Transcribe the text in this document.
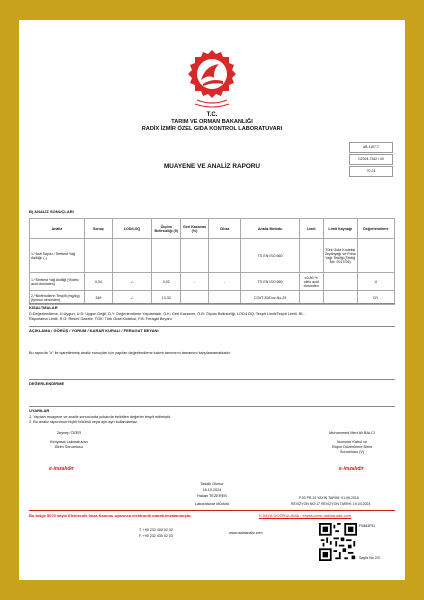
T.C.
TARIM VE ORMAN BAKANLIĞI
RADİX İZMİR ÖZEL GIDA KONTROL LABORATUVARI
MUAYENE VE ANALİZ RAPORU
AB-1197-T
G2024-7342 / 00
70-24
B) ANALİZ SONUÇLARI
Analiz	Sonuç	LOD/LOQ	Ölçüm Belirsizliği (0)	Geri Kazanım (%)	Cihaz	Analiz Metodu	Limit	Limit Kaynağı	Değerlendirme
1-*Asit Sayısı / Serbest Yağ Asitliği: (-)						TS EN ISO 660		Türk Gıda Kodeksi Zeytinyağı ve Prina Yağı Tebliği (Tebliğ No: 2017/26)	
1-*Serbest Yağ Asitliği (%oleic acid cinsinden)	0,34	-/-	0,02	-	-	TS EN ISO 660	≤0,80 % oleic acid cinsinden		U
2-*Biofenollerin Tespiti (mg/kg) (tyrosol cinsinden)	349	-/-	13,33			COI/T.20/Doc.No.29			DY
KISALTMALAR
D:Değerlendirme, U:Uygun, U.D: Uygun Değil, D.Y: Değerlendirme Yapılamadı, G.K: Geri Kazanım, Ö.B: Ölçüm Belirsizliği, LOD/LOQ: Tespit Limiti/Tespit Limiti. RL:
Raporlama Limiti, R.G: Resmî Gazete, TGK: Türk Gıda Kodeksi, F.B: Feragat Beyanı
AÇIKLAMA / GÖRÜŞ / YORUM / KARAR KURALI / FERAGAT BEYANI
Bu raporda "#" ile işaretlenmiş analiz sonuçları için yapılan değerlendirme kalıntı tanımının tamamını karşılamamaktadır.
DEĞERLENDİRME
UYARILAR
1. Yapılan muayene ve analiz sonucunda yukarıda belirtilen değerler tespit edilmiştir.
2. Bu analiz raporunun hiçbir bölümü veya ayrı ayrı kullanılamaz.
Zeynep ÖZER
Kimyasal Laboratuvarı
Birim Sorumlusu
e-imzalıdır
Muhammed Mert Ali BALCI
Numune Kabul ve
Rapor Düzenleme Birim
Sorumlusu (V)
e-imzalıdır
Tasdik Olunur
18.10.2024
Hakan TEZEREN
Laboratuvar Müdürü
F.03 PR.19 YAYIN TARİHİ: 01.06.2016
REVİZYON NO:17 REVİZYON TARİHİ: 19.04.2024
Bu belge 5070 sayılı Elektronik İmza Kanunu uyarınca elektronik olarak imzalanmıştır.	E-İMZA DOĞRULAMA : ebyss-izmir.radixanaliz.com
T. +90 232 400 02 02
F. +90 232 435 02 03
www.radixanaliz.com
F0883F51
Sayfa No 2/3
